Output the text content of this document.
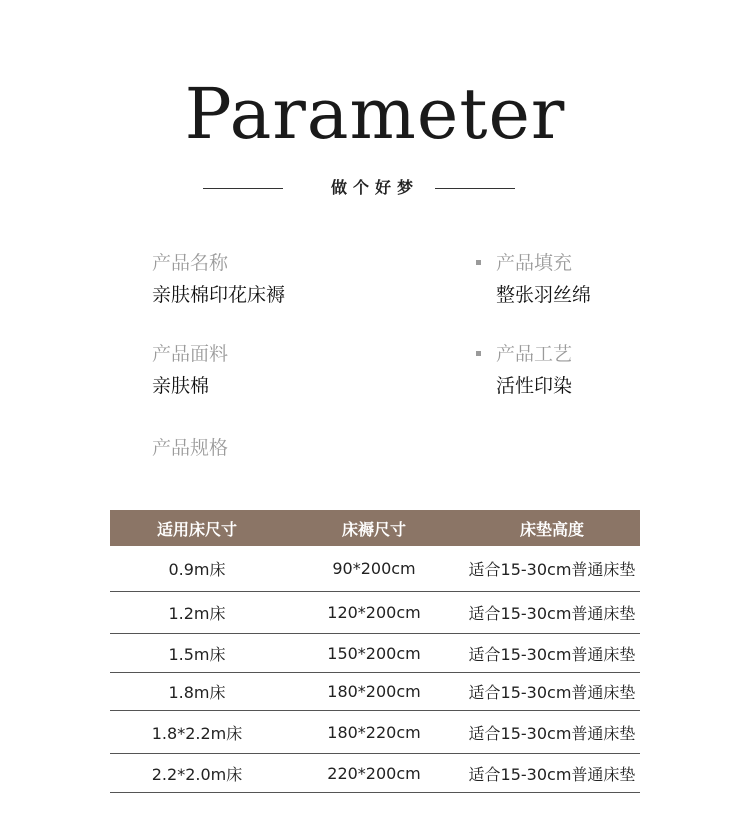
Parameter
做个好梦
产品名称
亲肤棉印花床褥
产品面料
亲肤棉
产品规格
产品填充
整张羽丝绵
产品工艺
活性印染
适用床尺寸	床褥尺寸	床垫高度
0.9m床	90*200cm	适合15-30cm普通床垫
1.2m床	120*200cm	适合15-30cm普通床垫
1.5m床	150*200cm	适合15-30cm普通床垫
1.8m床	180*200cm	适合15-30cm普通床垫
1.8*2.2m床	180*220cm	适合15-30cm普通床垫
2.2*2.0m床	220*200cm	适合15-30cm普通床垫
